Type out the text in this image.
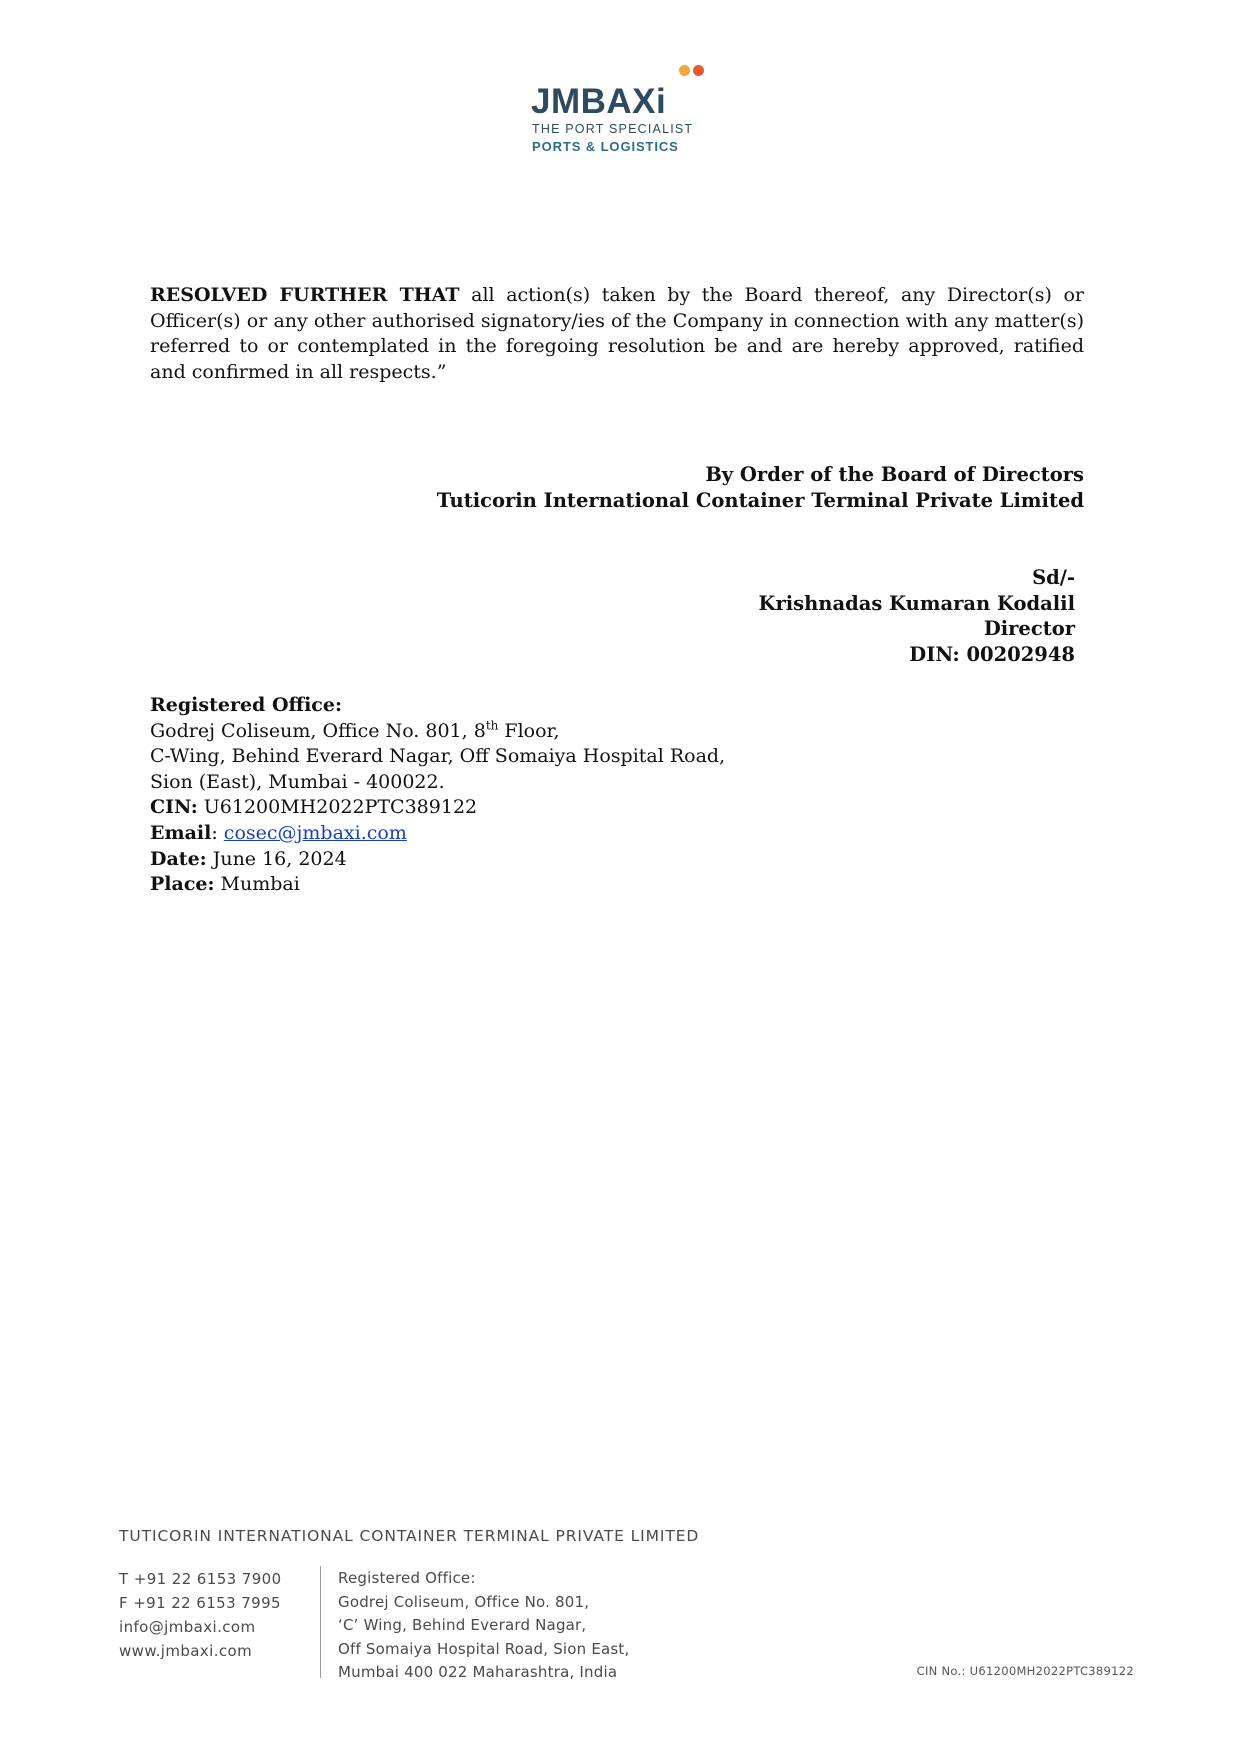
JMBAXi
THE PORT SPECIALIST
PORTS & LOGISTICS

RESOLVED FURTHER THAT all action(s) taken by the Board thereof, any Director(s) or Officer(s) or any other authorised signatory/ies of the Company in connection with any matter(s) referred to or contemplated in the foregoing resolution be and are hereby approved, ratified and confirmed in all respects.”

By Order of the Board of Directors
Tuticorin International Container Terminal Private Limited
Sd/-
Krishnadas Kumaran Kodalil
Director
DIN: 00202948
Registered Office:
Godrej Coliseum, Office No. 801, 8th Floor,
C-Wing, Behind Everard Nagar, Off Somaiya Hospital Road,
Sion (East), Mumbai - 400022.
CIN: U61200MH2022PTC389122
Email: cosec@jmbaxi.com
Date: June 16, 2024
Place: Mumbai
TUTICORIN INTERNATIONAL CONTAINER TERMINAL PRIVATE LIMITED
T +91 22 6153 7900
F +91 22 6153 7995
info@jmbaxi.com
www.jmbaxi.com
Registered Office:
Godrej Coliseum, Office No. 801,
‘C’ Wing, Behind Everard Nagar,
Off Somaiya Hospital Road, Sion East,
Mumbai 400 022 Maharashtra, India	CIN No.: U61200MH2022PTC389122
